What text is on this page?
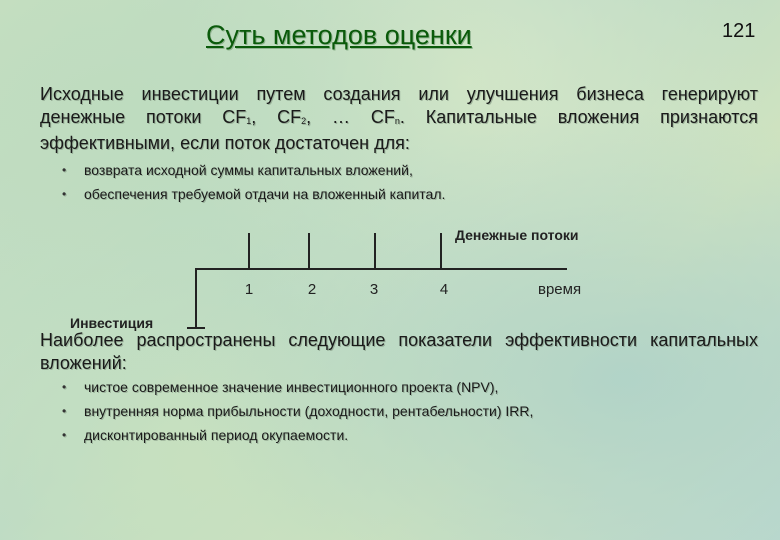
Суть методов оценки	121
Исходные инвестиции путем создания или улучшения бизнеса генерируют денежные потоки $CF_1$, $CF_2$, … $CF_n$. Капитальные вложения признаются эффективными, если поток достаточен для:
• возврата исходной суммы капитальных вложений,
• обеспечения требуемой отдачи на вложенный капитал.
Денежные потоки
1	2	3	4	время
Инвестиция
Наиболее распространены следующие показатели эффективности капитальных вложений:
• чистое современное значение инвестиционного проекта (NPV),
• внутренняя норма прибыльности (доходности, рентабельности) IRR,
• дисконтированный период окупаемости.
